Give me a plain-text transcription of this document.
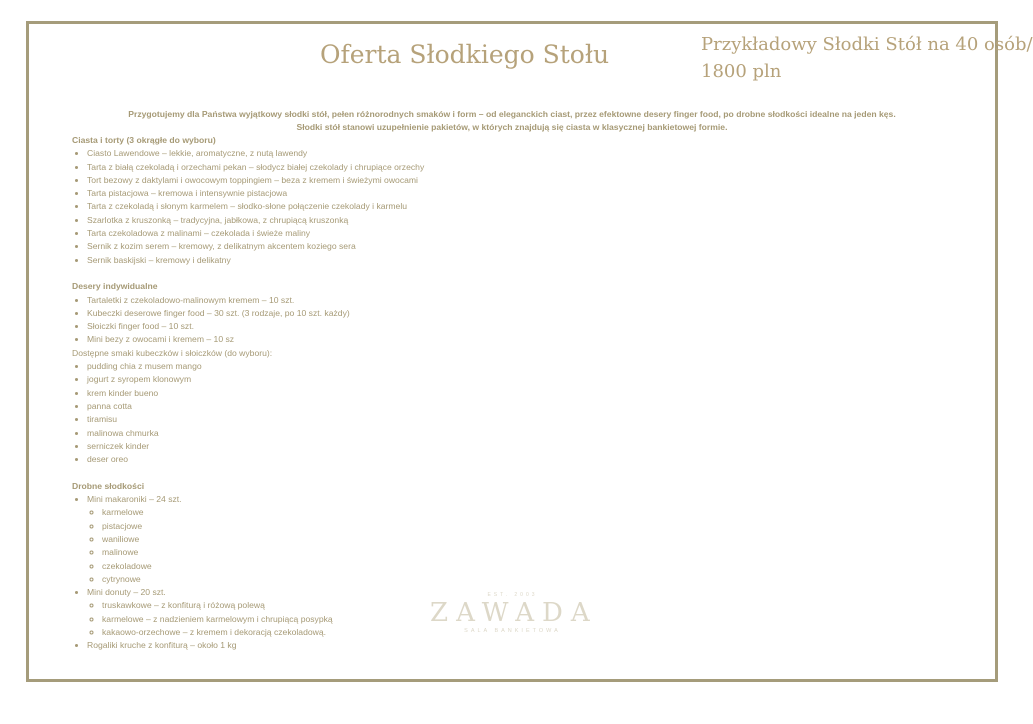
Oferta Słodkiego Stołu	Przykładowy Słodki Stół na 40 osób/
1800 pln
Przygotujemy dla Państwa wyjątkowy słodki stół, pełen różnorodnych smaków i form – od eleganckich ciast, przez efektowne desery finger food, po drobne słodkości idealne na jeden kęs.
Słodki stół stanowi uzupełnienie pakietów, w których znajdują się ciasta w klasycznej bankietowej formie.
Ciasta i torty (3 okrągłe do wyboru)
• Ciasto Lawendowe – lekkie, aromatyczne, z nutą lawendy
• Tarta z białą czekoladą i orzechami pekan – słodycz białej czekolady i chrupiące orzechy
• Tort bezowy z daktylami i owocowym toppingiem – beza z kremem i świeżymi owocami
• Tarta pistacjowa – kremowa i intensywnie pistacjowa
• Tarta z czekoladą i słonym karmelem – słodko-słone połączenie czekolady i karmelu
• Szarlotka z kruszonką – tradycyjna, jabłkowa, z chrupiącą kruszonką
• Tarta czekoladowa z malinami – czekolada i świeże maliny
• Sernik z kozim serem – kremowy, z delikatnym akcentem koziego sera
• Sernik baskijski – kremowy i delikatny
Desery indywidualne
• Tartaletki z czekoladowo-malinowym kremem – 10 szt.
• Kubeczki deserowe finger food – 30 szt. (3 rodzaje, po 10 szt. każdy)
• Słoiczki finger food – 10 szt.
• Mini bezy z owocami i kremem – 10 sz
Dostępne smaki kubeczków i słoiczków (do wyboru):
• pudding chia z musem mango
• jogurt z syropem klonowym
• krem kinder bueno
• panna cotta
• tiramisu
• malinowa chmurka
• serniczek kinder
• deser oreo
Drobne słodkości
• Mini makaroniki – 24 szt.
◦ karmelowe
◦ pistacjowe
◦ waniliowe
◦ malinowe
◦ czekoladowe
◦ cytrynowe
• Mini donuty – 20 szt.
◦ truskawkowe – z konfiturą i różową polewą
◦ karmelowe – z nadzieniem karmelowym i chrupiącą posypką
◦ kakaowo-orzechowe – z kremem i dekoracją czekoladową.
• Rogaliki kruche z konfiturą – około 1 kg
EST. 2003
ZAWADA
SALA BANKIETOWA
